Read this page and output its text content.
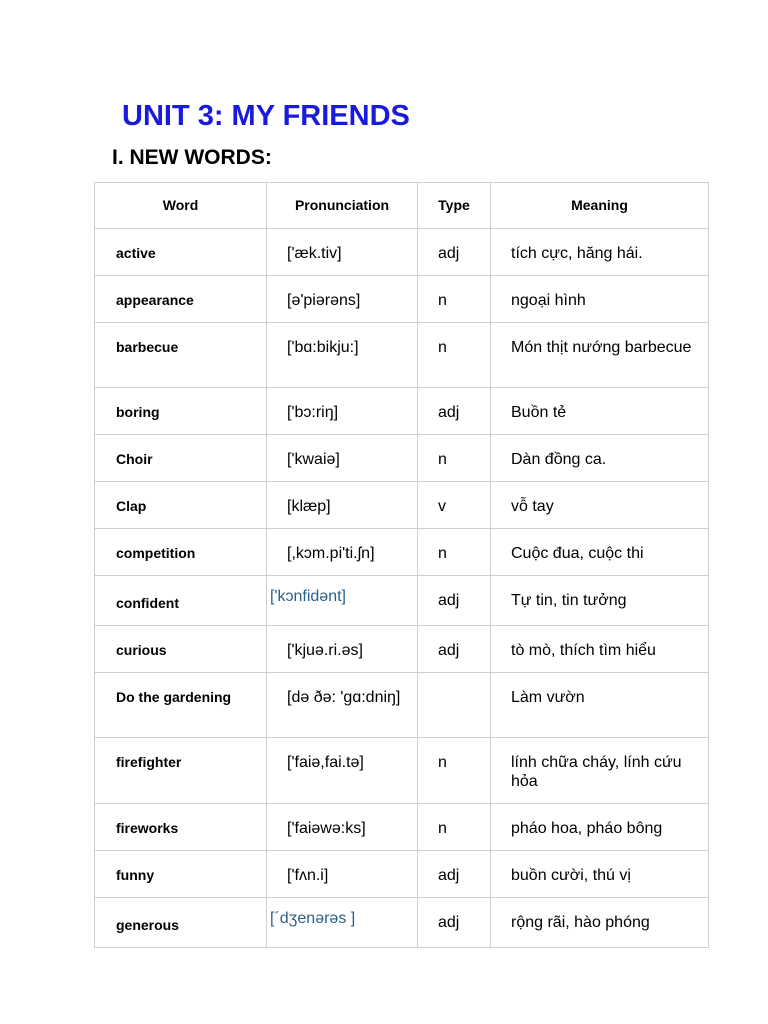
UNIT 3: MY FRIENDS
I. NEW WORDS:
Word	Pronunciation	Type	Meaning
active	['æk.tiv]	adj	tích cực, hăng hái.
appearance	[ə'piərəns]	n	ngoại hình
barbecue	['bɑ:bikju:]	n	Món thịt nướng barbecue
boring	['bɔ:riŋ]	adj	Buồn tẻ
Choir	['kwaiə]	n	Dàn đồng ca.
Clap	[klæp]	v	vỗ tay
competition	[,kɔm.pi'ti.ʃn]	n	Cuộc đua, cuộc thi
confident	['kɔnfidənt]	adj	Tự tin, tin tưởng
curious	['kjuə.ri.əs]	adj	tò mò, thích tìm hiểu
Do the gardening	[də ðə: 'gɑ:dniŋ]		Làm vườn
firefighter	['faiə,fai.tə]	n	lính chữa cháy, lính cứu hỏa
fireworks	['faiəwə:ks]	n	pháo hoa, pháo bông
funny	['fʌn.i]	adj	buồn cười, thú vị
generous	[´dʒenərəs ]	adj	rộng rãi, hào phóng
